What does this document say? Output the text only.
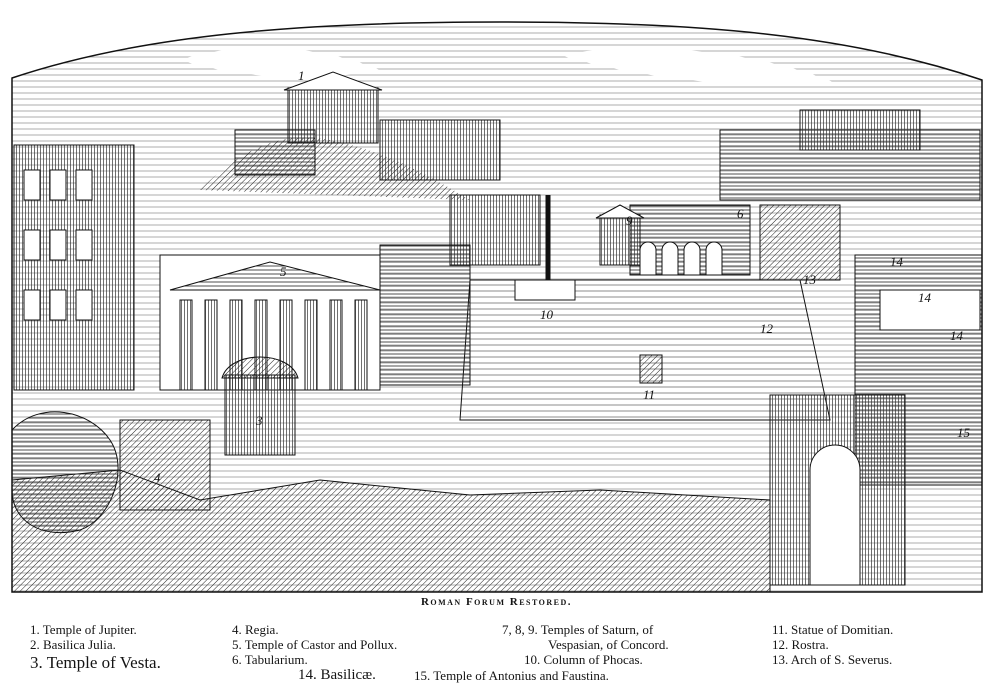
1
3
4
5
6
9
10
11
12
13
14
14
14
15
Roman Forum Restored.
1. Temple of Jupiter.
2. Basilica Julia.
3. Temple of Vesta.
4. Regia.
5. Temple of Castor and Pollux.
6. Tabularium.
7, 8, 9. Temples of Saturn, of
Vespasian, of Concord.
10. Column of Phocas.
11. Statue of Domitian.
12. Rostra.
13. Arch of S. Severus.
14. Basilicæ.	15. Temple of Antonius and Faustina.
